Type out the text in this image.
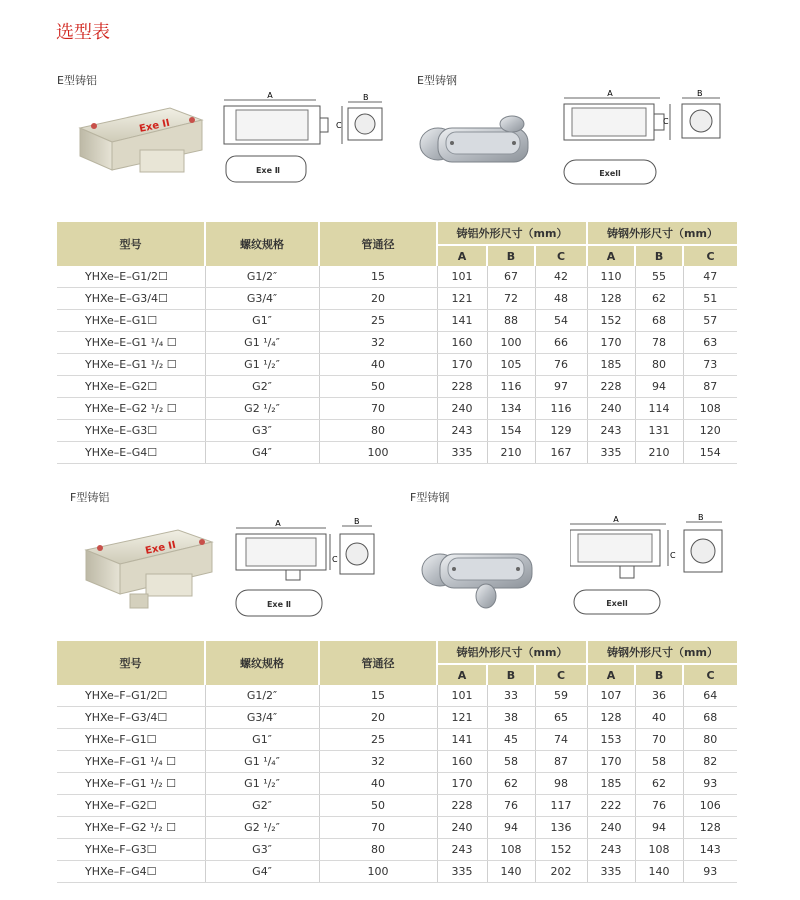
选型表
E型铸铝	E型铸钢
Exe II
A
C
B
Exe Ⅱ
A
C
B
Exell
型号	螺纹规格	管通径	铸铝外形尺寸（mm）			铸钢外形尺寸（mm）		
			A	B	C	A	B	C
YHXe–E–G1/2☐	G1/2″	15	101	67	42	110	55	47
YHXe–E–G3/4☐	G3/4″	20	121	72	48	128	62	51
YHXe–E–G1☐	G1″	25	141	88	54	152	68	57
YHXe–E–G1 ¹/₄ ☐	G1 ¹/₄″	32	160	100	66	170	78	63
YHXe–E–G1 ¹/₂ ☐	G1 ¹/₂″	40	170	105	76	185	80	73
YHXe–E–G2☐	G2″	50	228	116	97	228	94	87
YHXe–E–G2 ¹/₂ ☐	G2 ¹/₂″	70	240	134	116	240	114	108
YHXe–E–G3☐	G3″	80	243	154	129	243	131	120
YHXe–E–G4☐	G4″	100	335	210	167	335	210	154
F型铸铝	F型铸钢
Exe II
A
C
B
Exe Ⅱ
A
C
B
Exell
型号	螺纹规格	管通径	铸铝外形尺寸（mm）			铸钢外形尺寸（mm）		
			A	B	C	A	B	C
YHXe–F–G1/2☐	G1/2″	15	101	33	59	107	36	64
YHXe–F–G3/4☐	G3/4″	20	121	38	65	128	40	68
YHXe–F–G1☐	G1″	25	141	45	74	153	70	80
YHXe–F–G1 ¹/₄ ☐	G1 ¹/₄″	32	160	58	87	170	58	82
YHXe–F–G1 ¹/₂ ☐	G1 ¹/₂″	40	170	62	98	185	62	93
YHXe–F–G2☐	G2″	50	228	76	117	222	76	106
YHXe–F–G2 ¹/₂ ☐	G2 ¹/₂″	70	240	94	136	240	94	128
YHXe–F–G3☐	G3″	80	243	108	152	243	108	143
YHXe–F–G4☐	G4″	100	335	140	202	335	140	93
